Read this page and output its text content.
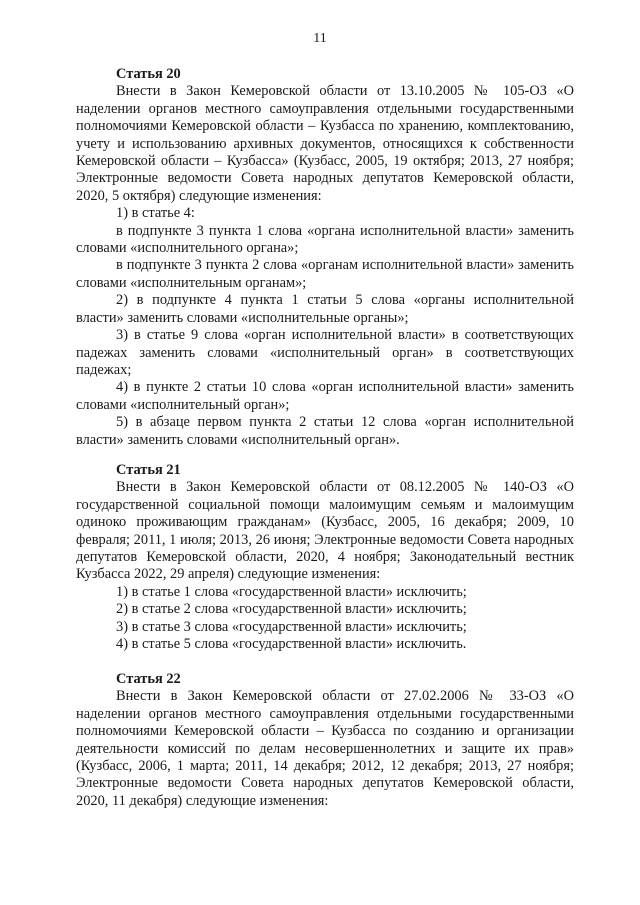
11

Статья 20

Внести в Закон Кемеровской области от 13.10.2005 № 105-ОЗ «О наделении органов местного самоуправления отдельными государственными полномочиями Кемеровской области – Кузбасса по хранению, комплектованию, учету и использованию архивных документов, относящихся к собственности Кемеровской области – Кузбасса» (Кузбасс, 2005, 19 октября; 2013, 27 ноября; Электронные ведомости Совета народных депутатов Кемеровской области, 2020, 5 октября) следующие изменения:

1) в статье 4:

в подпункте 3 пункта 1 слова «органа исполнительной власти» заменить словами «исполнительного органа»;

в подпункте 3 пункта 2 слова «органам исполнительной власти» заменить словами «исполнительным органам»;

2) в подпункте 4 пункта 1 статьи 5 слова «органы исполнительной власти» заменить словами «исполнительные органы»;

3) в статье 9 слова «орган исполнительной власти» в соответствующих падежах заменить словами «исполнительный орган» в соответствующих падежах;

4) в пункте 2 статьи 10 слова «орган исполнительной власти» заменить словами «исполнительный орган»;

5) в абзаце первом пункта 2 статьи 12 слова «орган исполнительной власти» заменить словами «исполнительный орган».

Статья 21

Внести в Закон Кемеровской области от 08.12.2005 № 140-ОЗ «О государственной социальной помощи малоимущим семьям и малоимущим одиноко проживающим гражданам» (Кузбасс, 2005, 16 декабря; 2009, 10 февраля; 2011, 1 июля; 2013, 26 июня; Электронные ведомости Совета народных депутатов Кемеровской области, 2020, 4 ноября; Законодательный вестник Кузбасса 2022, 29 апреля) следующие изменения:

1) в статье 1 слова «государственной власти» исключить;

2) в статье 2 слова «государственной власти» исключить;

3) в статье 3 слова «государственной власти» исключить;

4) в статье 5 слова «государственной власти» исключить.

Статья 22

Внести в Закон Кемеровской области от 27.02.2006 № 33-ОЗ «О наделении органов местного самоуправления отдельными государственными полномочиями Кемеровской области – Кузбасса по созданию и организации деятельности комиссий по делам несовершеннолетних и защите их прав» (Кузбасс, 2006, 1 марта; 2011, 14 декабря; 2012, 12 декабря; 2013, 27 ноября; Электронные ведомости Совета народных депутатов Кемеровской области, 2020, 11 декабря) следующие изменения:
